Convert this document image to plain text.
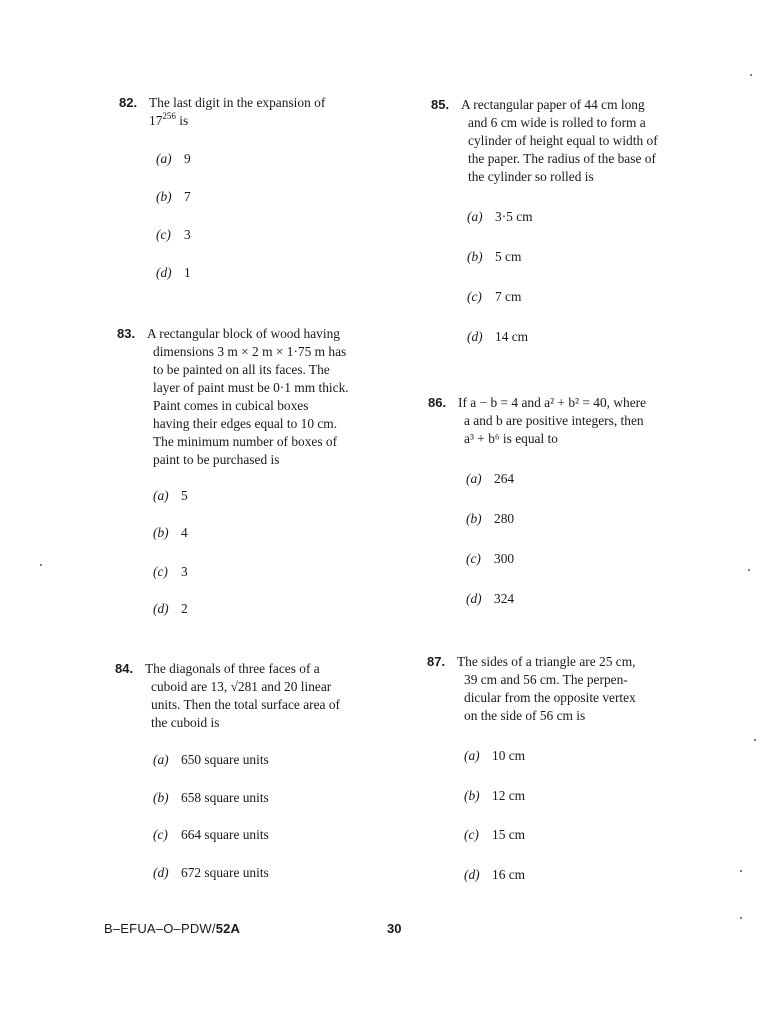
82. The last digit in the expansion of
$17^{256}$ is
(a) 9
(b) 7
(c) 3
(d) 1
83. A rectangular block of wood having
dimensions 3 m × 2 m × 1·75 m has
to be painted on all its faces. The
layer of paint must be 0·1 mm thick.
Paint comes in cubical boxes
having their edges equal to 10 cm.
The minimum number of boxes of
paint to be purchased is
(a) 5
(b) 4
(c) 3
(d) 2
84. The diagonals of three faces of a
cuboid are 13, √281 and 20 linear
units. Then the total surface area of
the cuboid is
(a) 650 square units
(b) 658 square units
(c) 664 square units
(d) 672 square units
85. A rectangular paper of 44 cm long
and 6 cm wide is rolled to form a
cylinder of height equal to width of
the paper. The radius of the base of
the cylinder so rolled is
(a) 3·5 cm
(b) 5 cm
(c) 7 cm
(d) 14 cm
86. If a − b = 4 and a² + b² = 40, where
a and b are positive integers, then
a³ + b⁶ is equal to
(a) 264
(b) 280
(c) 300
(d) 324
87. The sides of a triangle are 25 cm,
39 cm and 56 cm. The perpen-
dicular from the opposite vertex
on the side of 56 cm is
(a) 10 cm
(b) 12 cm
(c) 15 cm
(d) 16 cm
B–EFUA–O–PDW/52A	30
